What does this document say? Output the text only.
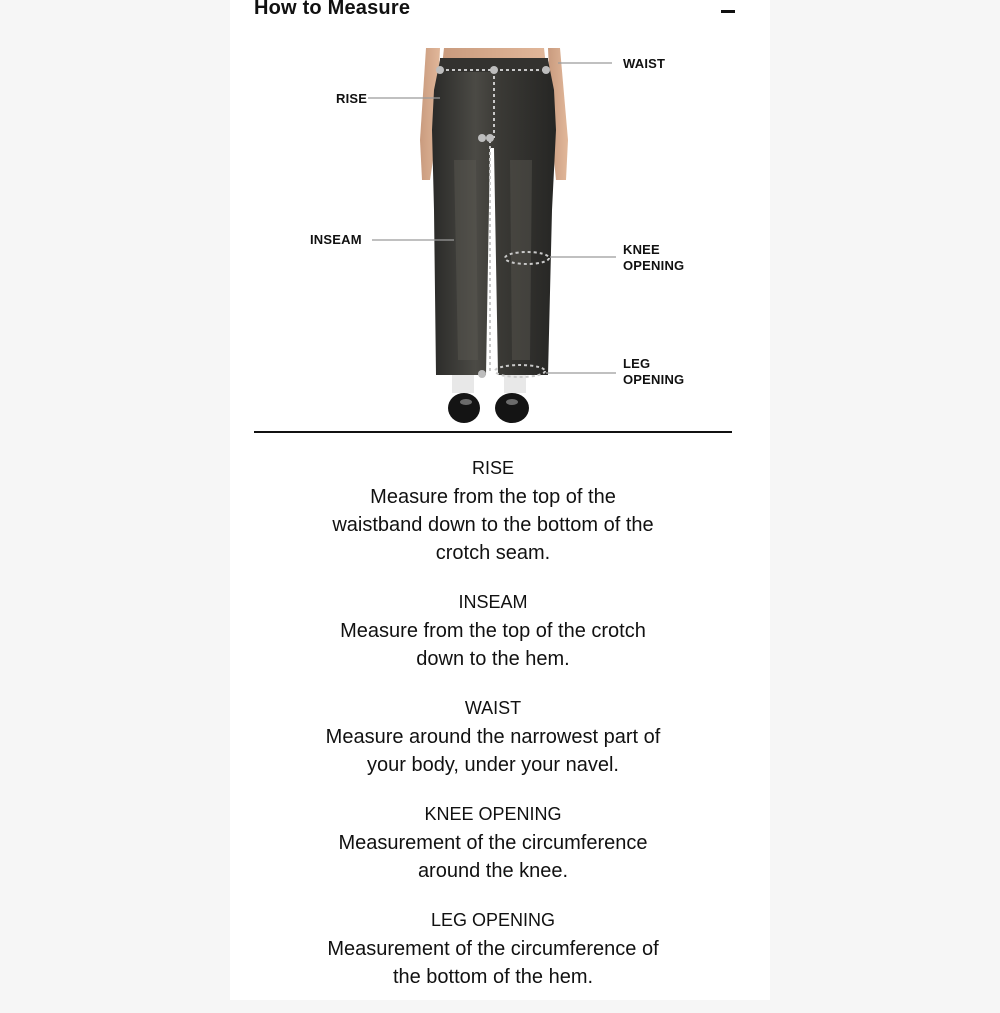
How to Measure
RISE
WAIST
INSEAM
KNEE
OPENING
LEG
OPENING
RISE
Measure from the top of the waistband down to the bottom of the crotch seam.
INSEAM
Measure from the top of the crotch down to the hem.
WAIST
Measure around the narrowest part of your body, under your navel.
KNEE OPENING
Measurement of the circumference around the knee.
LEG OPENING
Measurement of the circumference of the bottom of the hem.
